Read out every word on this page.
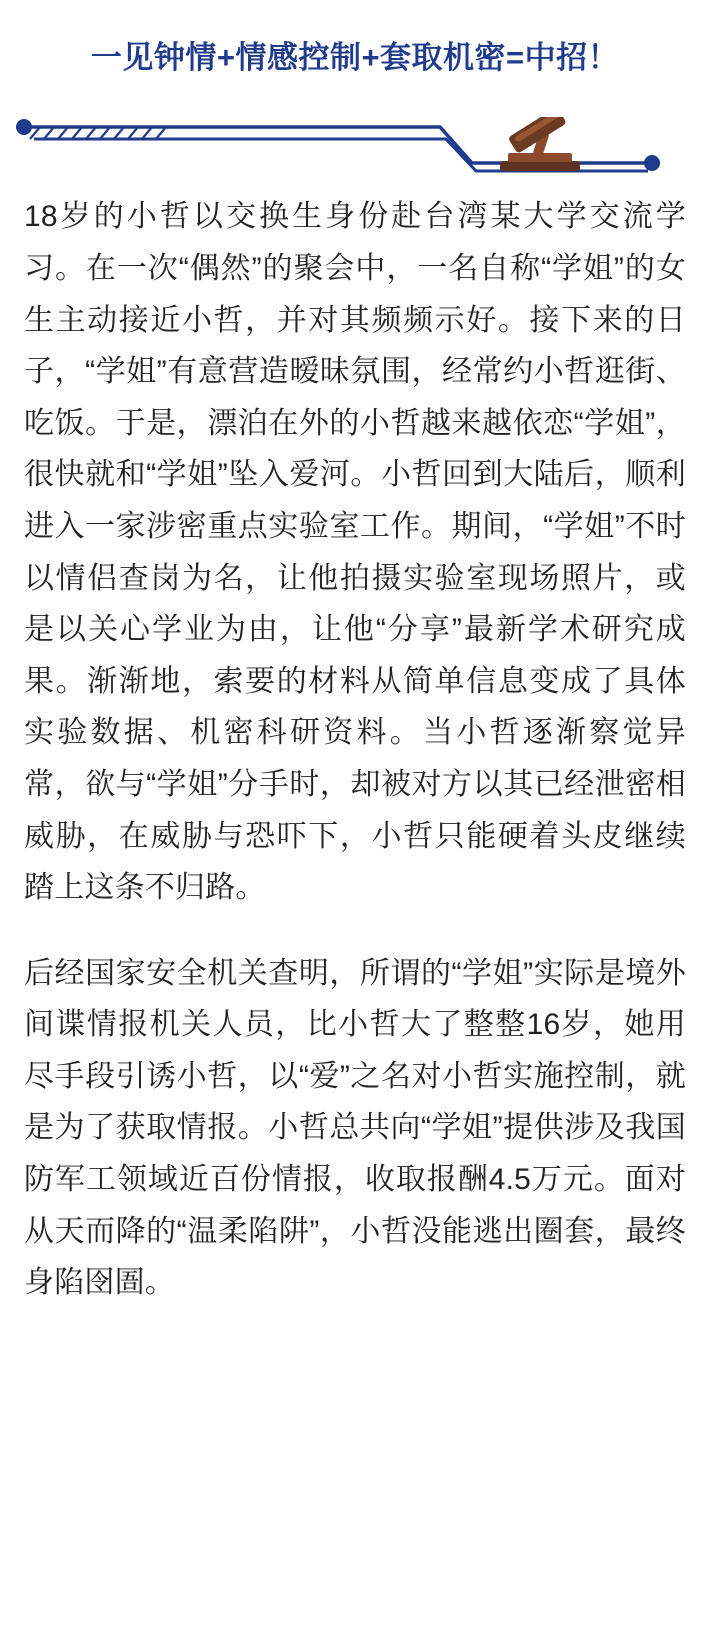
一见钟情+情感控制+套取机密=中招！

18岁的小哲以交换生身份赴台湾某大学交流学习。在一次“偶然”的聚会中，一名自称“学姐”的女生主动接近小哲，并对其频频示好。接下来的日子，“学姐”有意营造暧昧氛围，经常约小哲逛街、吃饭。于是，漂泊在外的小哲越来越依恋“学姐”，很快就和“学姐”坠入爱河。小哲回到大陆后，顺利进入一家涉密重点实验室工作。期间，“学姐”不时以情侣查岗为名，让他拍摄实验室现场照片，或是以关心学业为由，让他“分享”最新学术研究成果。渐渐地，索要的材料从简单信息变成了具体实验数据、机密科研资料。当小哲逐渐察觉异常，欲与“学姐”分手时，却被对方以其已经泄密相威胁，在威胁与恐吓下，小哲只能硬着头皮继续踏上这条不归路。

后经国家安全机关查明，所谓的“学姐”实际是境外间谍情报机关人员，比小哲大了整整16岁，她用尽手段引诱小哲，以“爱”之名对小哲实施控制，就是为了获取情报。小哲总共向“学姐”提供涉及我国防军工领域近百份情报，收取报酬4.5万元。面对从天而降的“温柔陷阱”，小哲没能逃出圈套，最终身陷囹圄。
